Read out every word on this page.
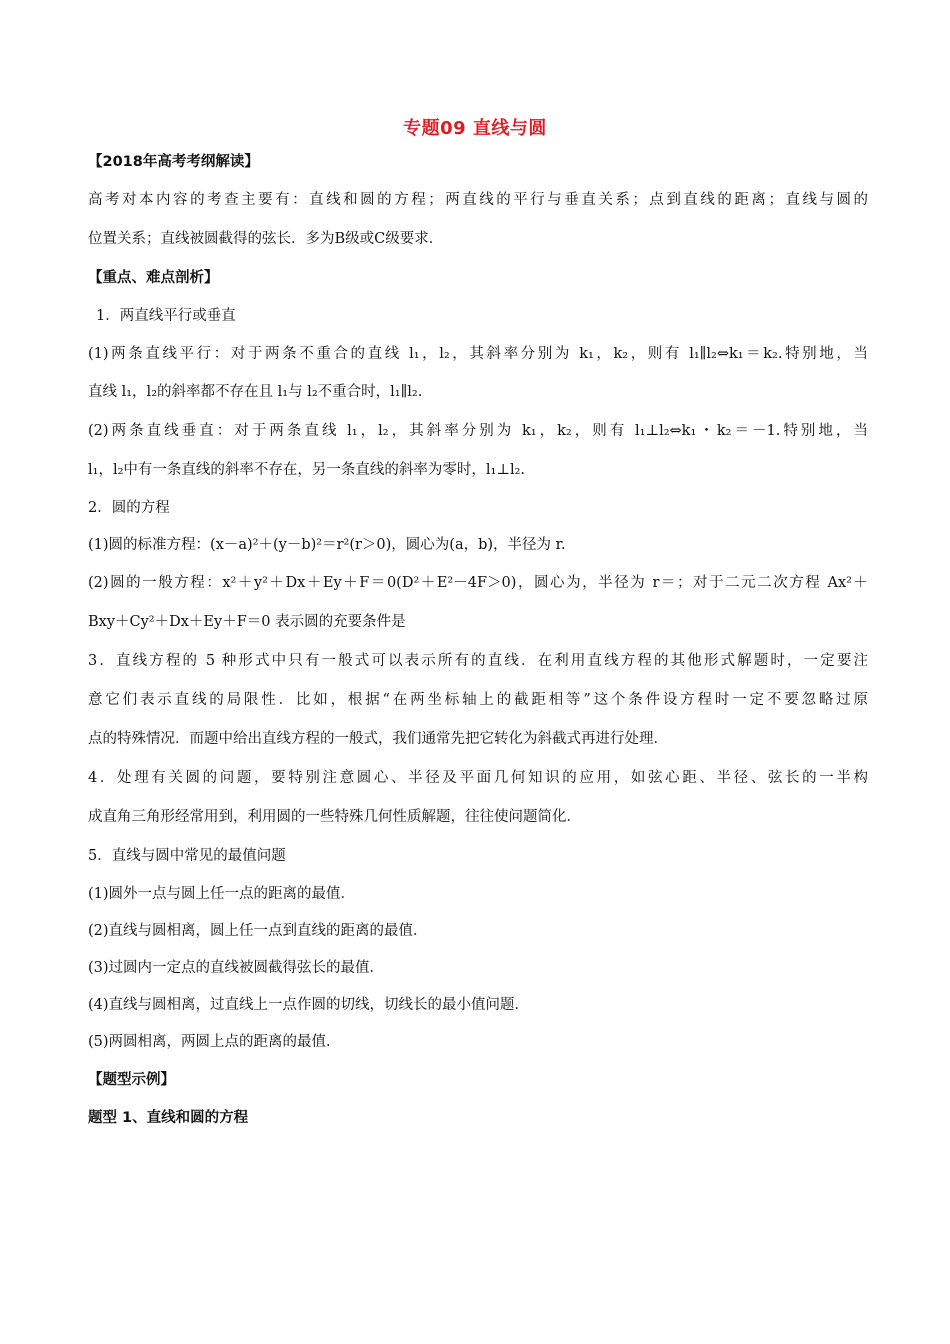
专题09 直线与圆
【2018年高考考纲解读】
高考对本内容的考查主要有：直线和圆的方程；两直线的平行与垂直关系；点到直线的距离；直线与圆的
位置关系；直线被圆截得的弦长．多为B级或C级要求．
【重点、难点剖析】
1．两直线平行或垂直
(1)两条直线平行：对于两条不重合的直线 l₁，l₂，其斜率分别为 k₁，k₂，则有 l₁∥l₂⇔k₁＝k₂.特别地，当
直线 l₁，l₂的斜率都不存在且 l₁与 l₂不重合时，l₁∥l₂.
(2)两条直线垂直：对于两条直线 l₁，l₂，其斜率分别为 k₁，k₂，则有 l₁⊥l₂⇔k₁・k₂＝－1.特别地，当
l₁，l₂中有一条直线的斜率不存在，另一条直线的斜率为零时，l₁⊥l₂.
2．圆的方程
(1)圆的标准方程：(x－a)²＋(y－b)²＝r²(r＞0)，圆心为(a，b)，半径为 r.
(2)圆的一般方程：x²＋y²＋Dx＋Ey＋F＝0(D²＋E²－4F＞0)，圆心为，半径为 r＝；对于二元二次方程 Ax²＋
Bxy＋Cy²＋Dx＋Ey＋F＝0 表示圆的充要条件是
3．直线方程的 5 种形式中只有一般式可以表示所有的直线．在利用直线方程的其他形式解题时，一定要注
意它们表示直线的局限性．比如，根据“在两坐标轴上的截距相等”这个条件设方程时一定不要忽略过原
点的特殊情况．而题中给出直线方程的一般式，我们通常先把它转化为斜截式再进行处理．
4．处理有关圆的问题，要特别注意圆心、半径及平面几何知识的应用，如弦心距、半径、弦长的一半构
成直角三角形经常用到，利用圆的一些特殊几何性质解题，往往使问题简化．
5．直线与圆中常见的最值问题
(1)圆外一点与圆上任一点的距离的最值．
(2)直线与圆相离，圆上任一点到直线的距离的最值．
(3)过圆内一定点的直线被圆截得弦长的最值．
(4)直线与圆相离，过直线上一点作圆的切线，切线长的最小值问题．
(5)两圆相离，两圆上点的距离的最值．
【题型示例】
题型 1、直线和圆的方程
